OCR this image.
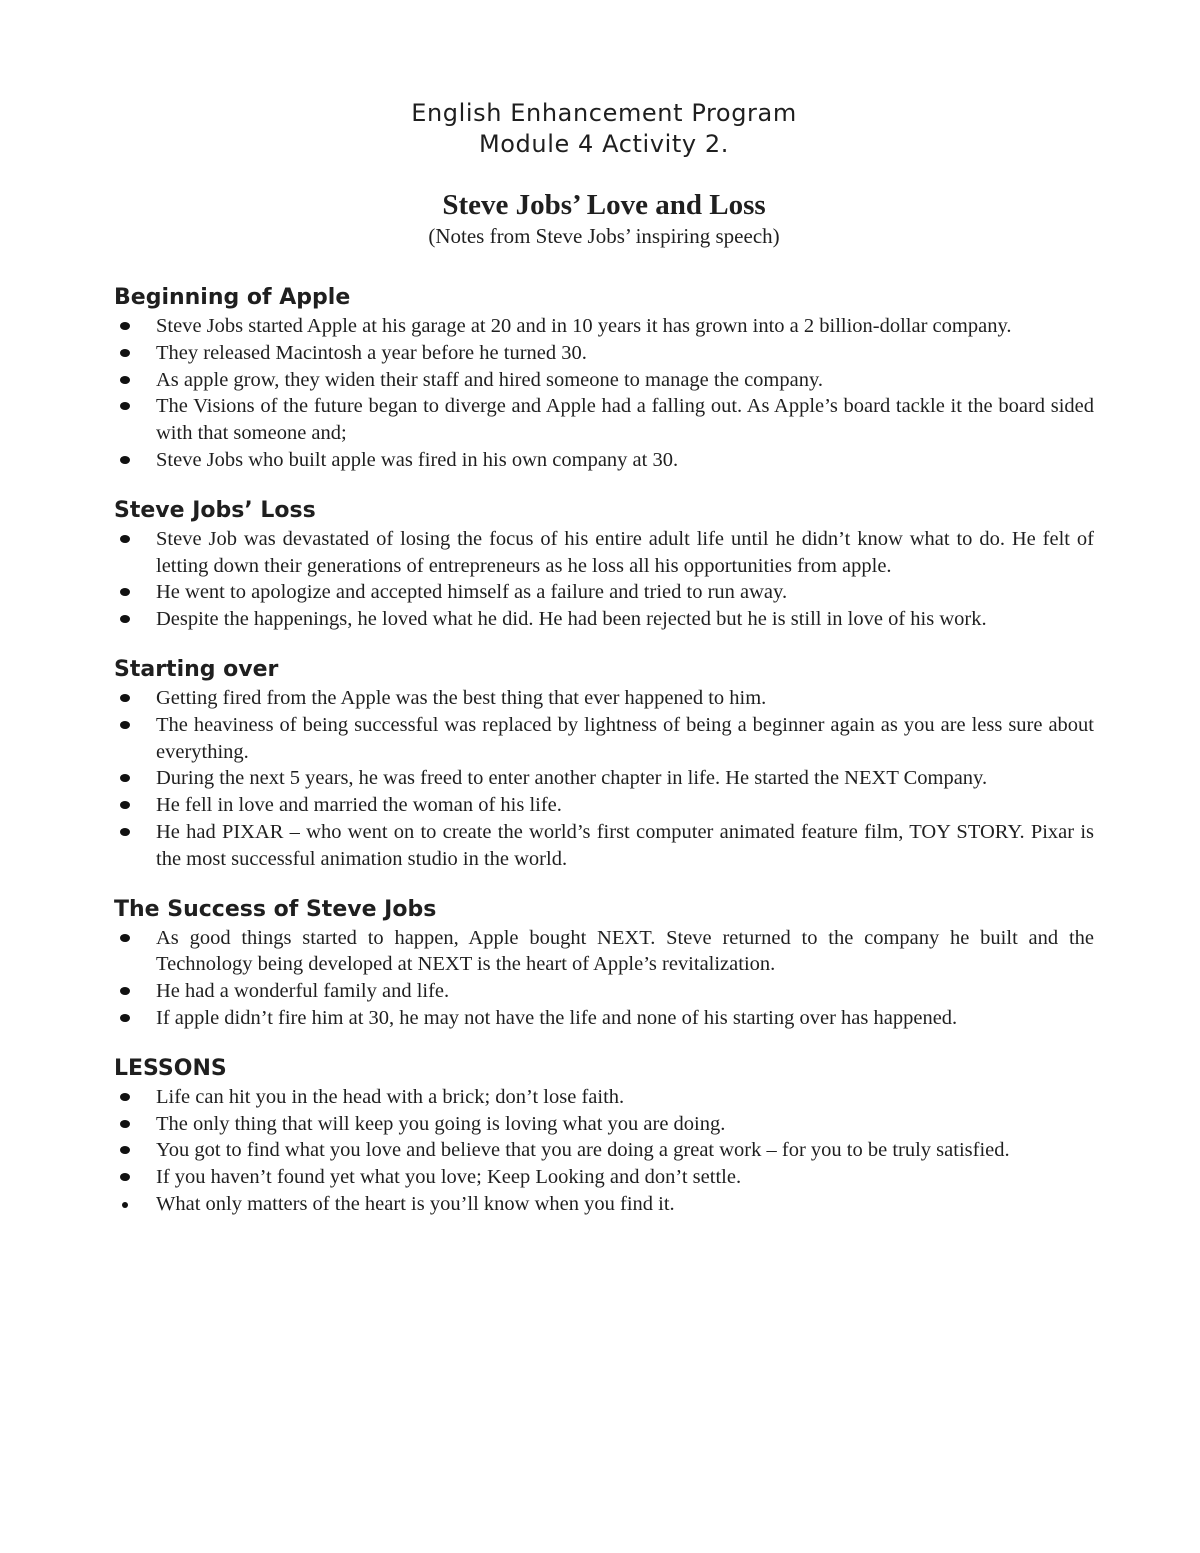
English Enhancement Program

Module 4 Activity 2.

Steve Jobs’ Love and Loss

(Notes from Steve Jobs’ inspiring speech)

Beginning of Apple
Steve Jobs started Apple at his garage at 20 and in 10 years it has grown into a 2 billion-dollar company.
They released Macintosh a year before he turned 30.
As apple grow, they widen their staff and hired someone to manage the company.
The Visions of the future began to diverge and Apple had a falling out. As Apple’s board tackle it the board sided with that someone and;
Steve Jobs who built apple was fired in his own company at 30.
Steve Jobs’ Loss
Steve Job was devastated of losing the focus of his entire adult life until he didn’t know what to do. He felt of letting down their generations of entrepreneurs as he loss all his opportunities from apple.
He went to apologize and accepted himself as a failure and tried to run away.
Despite the happenings, he loved what he did. He had been rejected but he is still in love of his work.
Starting over
Getting fired from the Apple was the best thing that ever happened to him.
The heaviness of being successful was replaced by lightness of being a beginner again as you are less sure about everything.
During the next 5 years, he was freed to enter another chapter in life. He started the NEXT Company.
He fell in love and married the woman of his life.
He had PIXAR – who went on to create the world’s first computer animated feature film, TOY STORY. Pixar is the most successful animation studio in the world.
The Success of Steve Jobs
As good things started to happen, Apple bought NEXT. Steve returned to the company he built and the Technology being developed at NEXT is the heart of Apple’s revitalization.
He had a wonderful family and life.
If apple didn’t fire him at 30, he may not have the life and none of his starting over has happened.
LESSONS
Life can hit you in the head with a brick; don’t lose faith.
The only thing that will keep you going is loving what you are doing.
You got to find what you love and believe that you are doing a great work – for you to be truly satisfied.
If you haven’t found yet what you love; Keep Looking and don’t settle.
What only matters of the heart is you’ll know when you find it.
